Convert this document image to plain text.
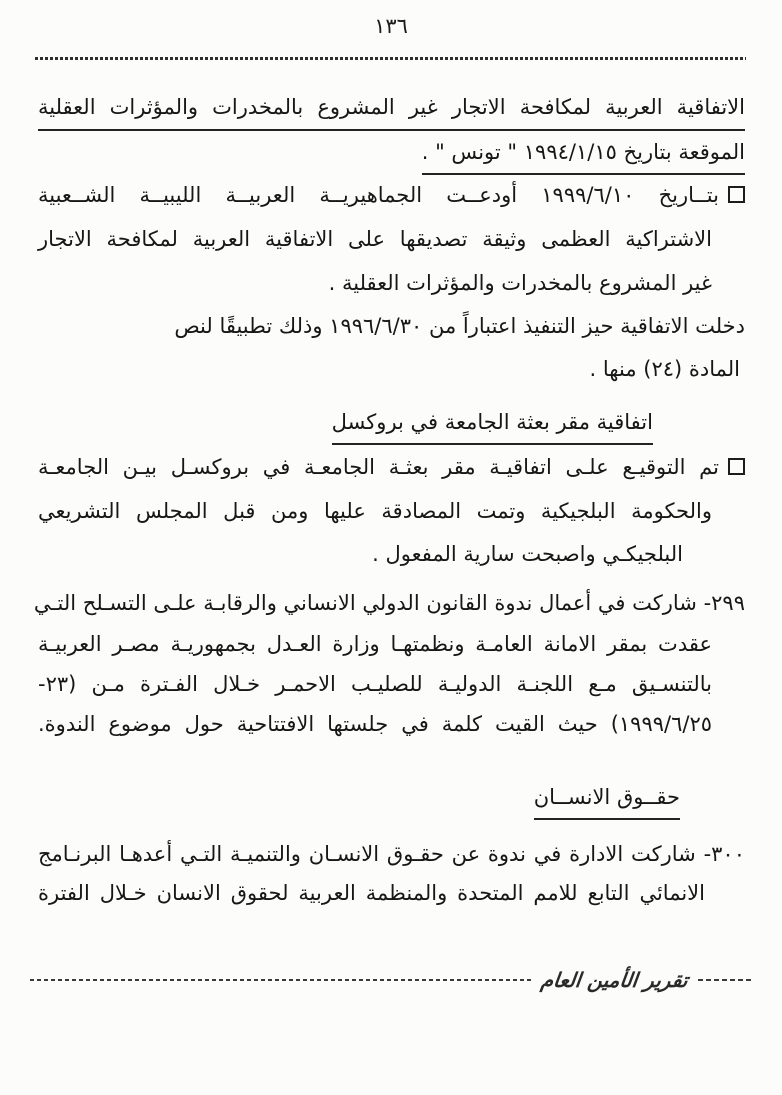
١٣٦
الاتفاقية العربية لمكافحة الاتجار غير المشروع بالمخدرات والمؤثرات العقلية
الموقعة بتاريخ ١٩٩٤/١/١٥ " تونس " .
بتــاريخ ١٩٩٩/٦/١٠ أودعــت الجماهيريــة العربيــة الليبيــة الشــعبية
الاشتراكية العظمى وثيقة تصديقها على الاتفاقية العربية لمكافحة الاتجار
غير المشروع بالمخدرات والمؤثرات العقلية .
دخلت الاتفاقية حيز التنفيذ اعتباراً من ١٩٩٦/٦/٣٠ وذلك تطبيقًا لنص
المادة (٢٤) منها .
اتفاقية مقر بعثة الجامعة في بروكسل
تم التوقيـع علـى اتفاقيـة مقر بعثـة الجامعـة في بروكسـل بيـن الجامعـة
والحكومة البلجيكية وتمت المصادقة عليها ومن قبل المجلس التشريعي
البلجيكـي واصبحت سارية المفعول .
٢٩٩- شاركت في أعمال ندوة القانون الدولي الانساني والرقابـة علـى التسـلح التـي
عقدت بمقر الامانة العامـة ونظمتهـا وزارة العـدل بجمهوريـة مصـر العربيـة
بالتنسـيق مـع اللجنـة الدوليـة للصليـب الاحمـر خـلال الفـترة مـن (٢٣-
١٩٩٩/٦/٢٥) حيث القيت كلمة في جلستها الافتتاحية حول موضوع الندوة.
حقــوق الانســان
٣٠٠- شاركت الادارة في ندوة عن حقـوق الانسـان والتنميـة التـي أعدهـا البرنـامج
الانمائي التابع للامم المتحدة والمنظمة العربية لحقوق الانسان خـلال الفترة
تقرير الأمين العام
